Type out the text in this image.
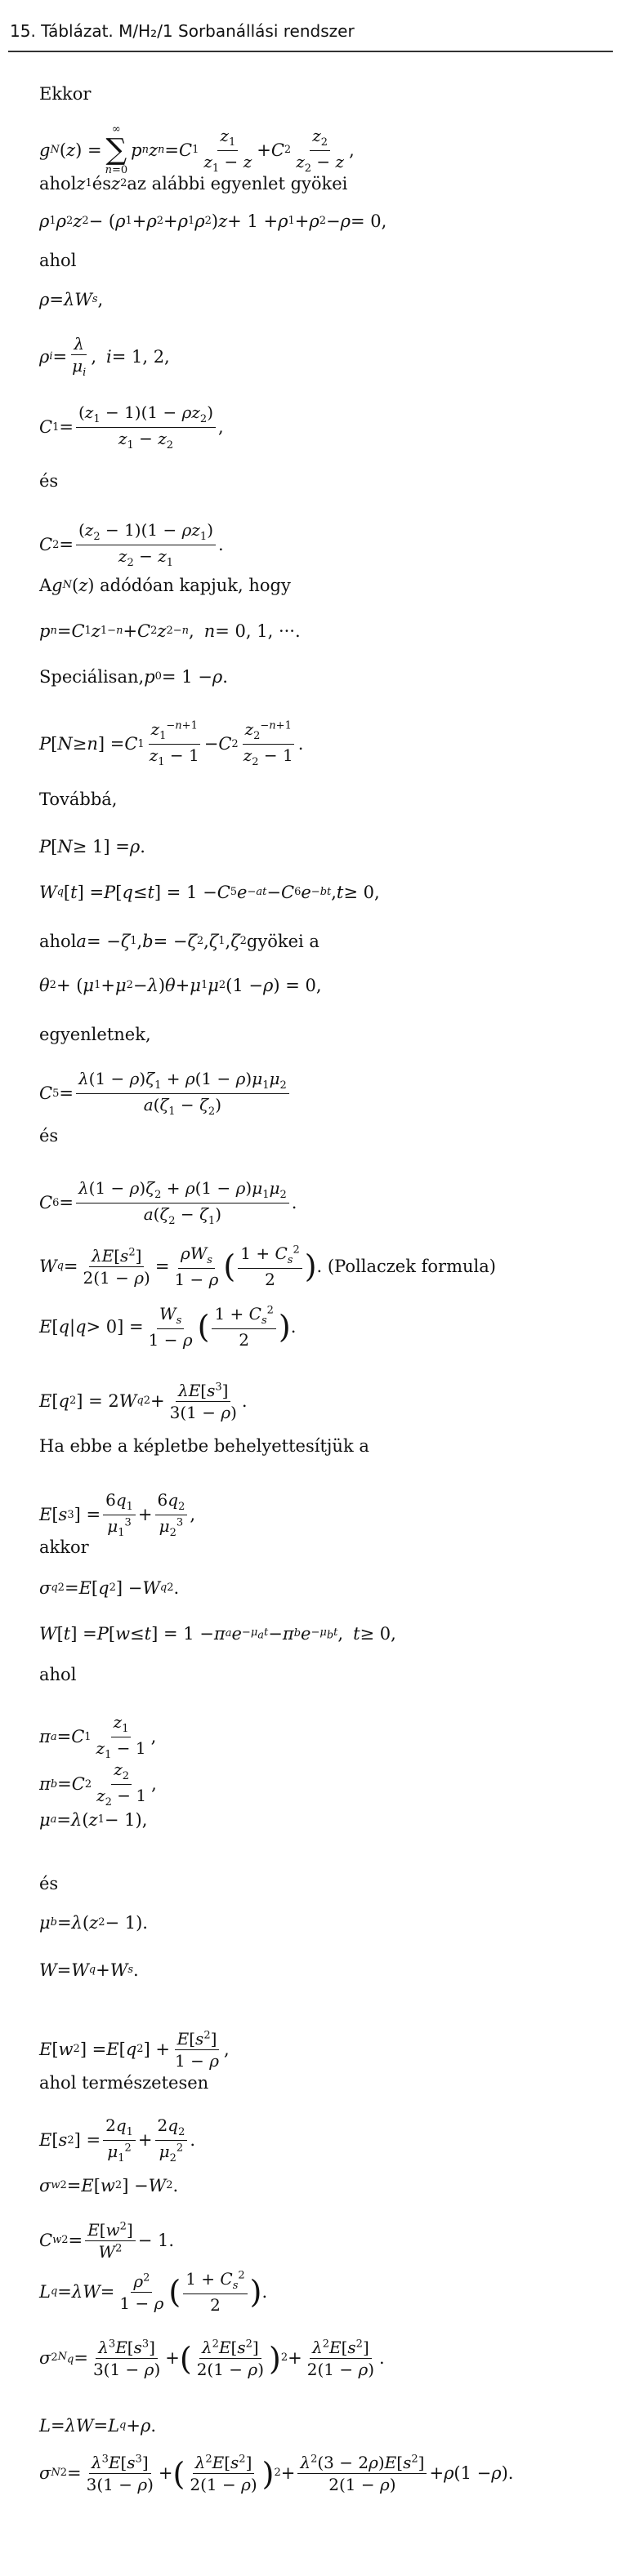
15. Táblázat. M/H₂/1 Sorbanállási rendszer
Ekkor
g N ( z ) =
∞
∑
n=0
p n z n = C $1 \frac{z_1}{z_1 - z} + C$ $2 \frac{z_2}{z_2 - z}$ ,
ahol z 1 és z 2 az alábbi egyenlet gyökei
ρ 1 ρ 2 z 2 − ( ρ 1 + ρ 2 + ρ 1 ρ 2 ) z + 1 + ρ 1 + ρ 2 − ρ = 0,
ahol
ρ = λW s ,
ρ $i = \frac{\lambda}{\mu_i}$ , i = 1, 2,
C $1 = \frac{(z_1 - 1)(1 - \rho z_2)}{z_1 - z_2}$ ,
és
C $2 = \frac{(z_2 - 1)(1 - \rho z_1)}{z_2 - z_1}$ .
A g N ( z ) adódóan kapjuk, hogy
p n = C 1 z 1 −n + C 2 z 2 −n , n = 0, 1, ···.
Speciálisan, p 0 = 1 − ρ .
P [ N ≥ n ] = C $1 \frac{z_1^{-n+1}}{z_1 - 1} - C$ $2 \frac{z_2^{-n+1}}{z_2 - 1}$ .
Továbbá,
P [ N ≥ 1] = ρ .
W q [ t ] = P [ q ≤ t ] = 1 − C 5 e −at − C 6 e −bt , t ≥ 0,
ahol a = − ζ 1 , b = − ζ 2 , ζ 1 , ζ 2 gyökei a
θ 2 + ( μ 1 + μ 2 − λ ) θ + μ 1 μ 2 (1 − ρ ) = 0,
egyenletnek,
C $5 = \frac{\lambda(1 - \rho)\zeta_1 + \rho(1 - \rho)\mu_1\mu_2}{a(\zeta_1 - \zeta_2)}$
és
C $6 = \frac{\lambda(1 - \rho)\zeta_2 + \rho(1 - \rho)\mu_1\mu_2}{a(\zeta_2 - \zeta_1)}$ .
W $q = \frac{\lambda E[s^2]}{2(1 - \rho)} = \frac{\rho W_s}{1 - \rho}$ ( $\frac{1 + C_s^2}{2}$ ) . (Pollaczek formula)
E [ q | $q > 0] = \frac{W_s}{1 - \rho}$ ( $\frac{1 + C_s^2}{2}$ ) .
E [ q 2 ] = 2 W q $2 + \frac{\lambda E[s^3]}{3(1 - \rho)}$ .
Ha ebbe a képletbe behelyettesítjük a
E [ s 3 ] = $\frac{6q_1}{\mu_1^3} + \frac{6q_2}{\mu_2^3}$ ,
akkor
σ q 2 = E [ q 2 ] − W q 2 .
W [ t ] = P [ w ≤ t ] = 1 − π a $e -\mu_at - \pi$ b $e -\mu_bt$ , t ≥ 0,
ahol
π a = C $1 \frac{z_1}{z_1 - 1}$ ,
π b = C $2 \frac{z_2}{z_2 - 1}$ ,
μ a = λ ( z 1 − 1),
és
μ b = λ ( z 2 − 1).
W = W q + W s .
E [ w 2 ] = E [ q 2 ] + $\frac{E[s^2]}{1 - \rho}$ ,
ahol természetesen
E [ s 2 ] = $\frac{2q_1}{\mu_1^2} + \frac{2q_2}{\mu_2^2}$ .
σ w 2 = E [ w 2 ] − W 2 .
C w $2 = \frac{E[w^2]}{W^2} - 1$.
L $q = \lambda W = \frac{\rho^2}{1 - \rho}$ ( $\frac{1 + C_s^2}{2}$ ) .
σ 2 $N_q = \frac{\lambda^3E[s^3]}{3(1 - \rho)}$ + ( $\frac{\lambda^2E[s^2]}{2(1 - \rho)}$ ) $2 + \frac{\lambda^2E[s^2]}{2(1 - \rho)}$ .
L = λW = L q + ρ .
σ N $2 = \frac{\lambda^3E[s^3]}{3(1 - \rho)}$ + ( $\frac{\lambda^2E[s^2]}{2(1 - \rho)}$ ) $2 + \frac{\lambda^2(3 - 2\rho)E[s^2]}{2(1 - \rho)} + \rho$ (1 − ρ ).
